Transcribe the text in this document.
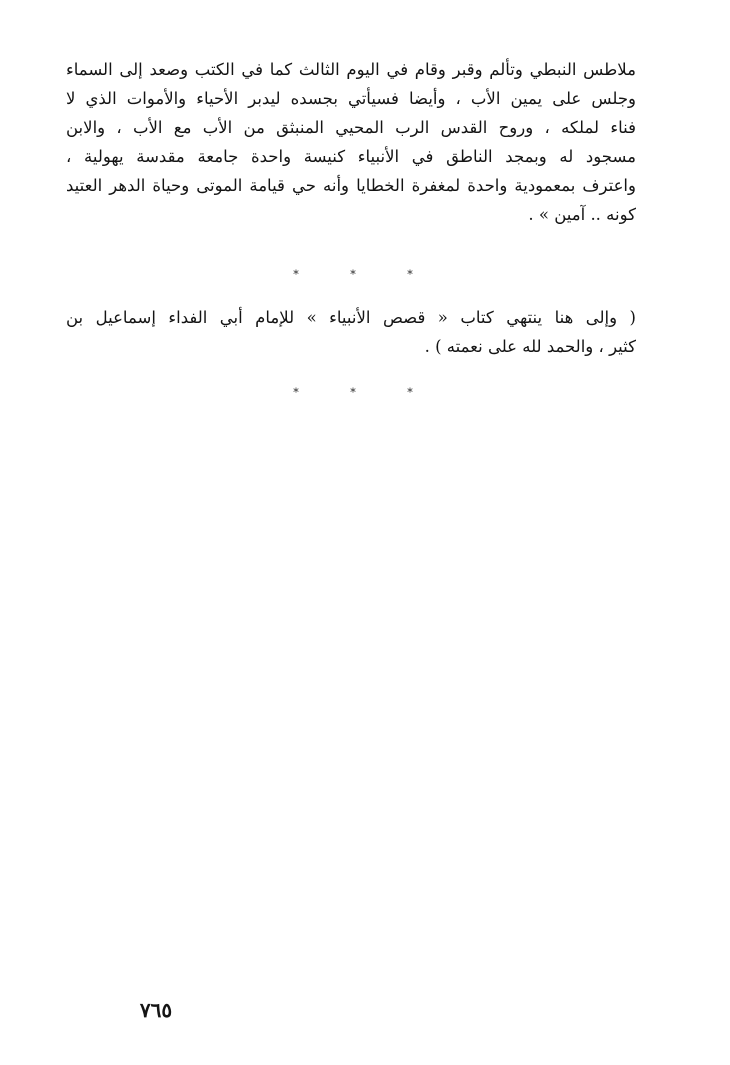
ملاطس النبطي وتألم وقبر وقام في اليوم الثالث كما في الكتب وصعد إلى السماء
وجلس على يمين الأب ، وأيضا فسيأتي بجسده ليدبر الأحياء والأموات الذي لا
فناء لملكه ، وروح القدس الرب المحيي المنبثق من الأب مع الأب ، والابن
مسجود له وبمجد الناطق في الأنبياء كنيسة واحدة جامعة مقدسة يهولية ،
واعترف بمعمودية واحدة لمغفرة الخطايا وأنه حي قيامة الموتى وحياة الدهر العتيد
كونه .. آمين » .
* * *
( وإلى هنا ينتهي كتاب « قصص الأنبياء » للإمام أبي الفداء إسماعيل بن
كثير ، والحمد لله على نعمته ) .
* * *
٧٦٥
